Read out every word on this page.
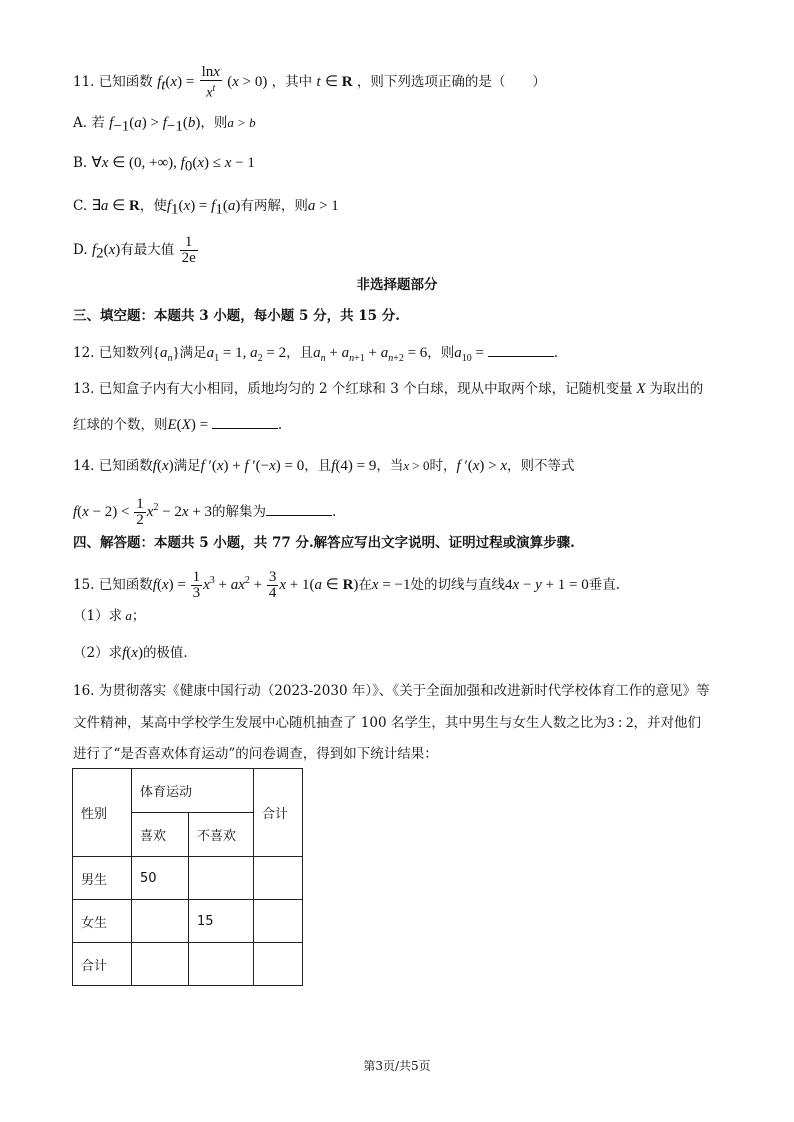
11. 已知函数 $f_t(x) = \frac{\ln x}{x^t} (x > 0)$ ，其中 t ∈ R ，则下列选项正确的是（　　）
A. 若 $f_{-1}(a) > f_{-1}(b)$，则a > b
B. ∀x ∈ (0, +∞), $f_0(x) \le x - 1$
C. ∃a ∈ R，使$f_1(x) = f_1(a)$有两解，则a > 1
D. $f_2(x)$有最大值 $\frac{1}{2e}$
非选择题部分
三、填空题：本题共 3 小题，每小题 5 分，共 15 分.
12. 已知数列$\{a_n\}$满足$a_1 = 1$, $a_2 = 2$，且$a_n + a_{n+1} + a_{n+2} = 6$，则$a_{10}$ =	.
13. 已知盒子内有大小相同，质地均匀的 2 个红球和 3 个白球，现从中取两个球，记随机变量 X 为取出的
红球的个数，则E(X) =	.
14. 已知函数f(x)满足f ′(x) + f ′(−x) = 0，且f(4) = 9，当x > 0时，f ′(x) > x，则不等式
$f(x - 2) < \frac{1}{2} x^2 - 2x + 3$的解集为	.
四、解答题：本题共 5 小题，共 77 分.解答应写出文字说明、证明过程或演算步骤.
15. 已知函数$f(x) = \frac{1}{3} x^3 + ax^2 + \frac{3}{4}$ x + 1(a ∈ R)在x = −1处的切线与直线4x − y + 1 = 0垂直.
（1）求 a；
（2）求f(x)的极值.
16. 为贯彻落实《健康中国行动（2023-2030 年）》、《关于全面加强和改进新时代学校体育工作的意见》等
文件精神，某高中学校学生发展中心随机抽查了 100 名学生，其中男生与女生人数之比为3 : 2，并对他们
进行了“是否喜欢体育运动”的问卷调查，得到如下统计结果：
性别	体育运动		合计
	喜欢	不喜欢	
男生	50		
女生		15	
合计			
第3页/共5页
